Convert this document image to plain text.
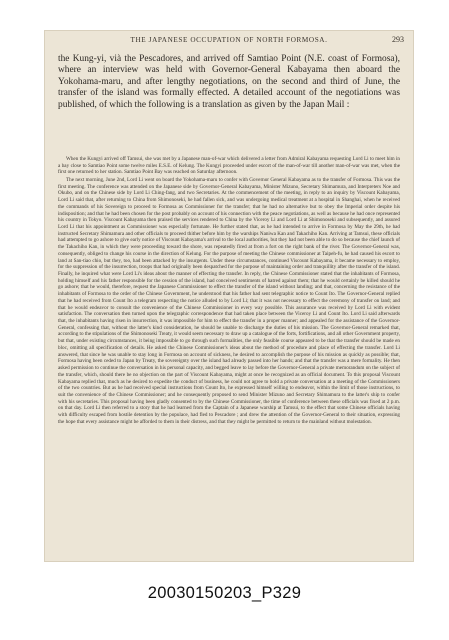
THE JAPANESE OCCUPATION OF NORTH FORMOSA.	293

the Kung-yi, vià the Pescadores, and arrived off Samtiao Point (N.E. coast of Formosa), where an interview was held with Governor-General Kabayama then aboard the Yokohama-maru, and after lengthy negotiations, on the second and third of June, the transfer of the island was formally effected. A detailed account of the negotiations was published, of which the following is a translation as given by the Japan Mail :

When the Kungyi arrived off Tamsui, she was met by a Japanese man-of-war which delivered a letter from Admiral Kabayama requesting Lord Li to meet him in a bay close to Samtiao Point some twelve miles E.S.E. of Kelung. The Kungyi proceeded under escort of the man-of-war till another man-of-war was met, when the first one returned to her station. Samtiao Point Bay was reached on Saturday afternoon.

The next morning, June 2nd, Lord Li went on board the Yokohama-maru to confer with Governor General Kabayama as to the transfer of Formosa. This was the first meeting. The conference was attended on the Japanese side by Governor-General Kabayama, Minister Mizuno, Secretary Shimamura, and Interpreters Noe and Okubo, and on the Chinese side by Lord Li Ching-fang, and two Secretaries. At the commencement of the meeting, in reply to an inquiry by Viscount Kabayama, Lord Li said that, after returning to China from Shimonoseki, he had fallen sick, and was undergoing medical treatment at a hospital in Shanghai, when he received the commands of his Sovereign to proceed to Formosa as Commissioner for the transfer; that he had no alternative but to obey the Imperial order despite his indisposition; and that he had been chosen for the post probably on account of his connection with the peace negotiations, as well as because he had once represented his country in Tokyo. Viscount Kabayama then praised the services rendered to China by the Viceroy Li and Lord Li at Shimonoseki and subsequently, and assured Lord Li that his appointment as Commissioner was especially fortunate. He further stated that, as he had intended to arrive in Formosa by May the 29th, he had instructed Secretary Shimamura and other officials to proceed thither before him by the warships Naniwa Kan and Takachiho Kan. Arriving at Tamsui, these officials had attempted to go ashore to give early notice of Viscount Kabayama's arrival to the local authorities, but they had not been able to do so because the chief launch of the Takachiho Kan, in which they were proceeding toward the shore, was repeatedly fired at from a fort on the right bank of the river. The Governor-General was, consequently, obliged to change his course in the direction of Kelung. For the purpose of meeting the Chinese commissioner at Taipeh-fu, he had caused his escort to land at San-tiao chio, but they, too, had been attacked by the insurgents. Under these circumstances, continued Viscount Kabayama, it became necessary to employ, for the suppression of the insurrection, troops that had originally been despatched for the purpose of maintaining order and tranquillity after the transfer of the island. Finally, he inquired what were Lord Li's ideas about the manner of effecting the transfer. In reply, the Chinese Commissioner stated that the inhabitants of Formosa, holding himself and his father responsible for the cession of the island, had conceived sentiments of hatred against them; that he would certainly be killed should he go ashore; that he would, therefore, request the Japanese Commissioner to effect the transfer of the island without landing; and that, concerning the resistance of the inhabitants of Formosa to the order of the Chinese Government, he understood that his father had sent telegraphic notice to Count Ito. The Governor-General replied that he had received from Count Ito a telegram respecting the notice alluded to by Lord Li; that it was not necessary to effect the ceremony of transfer on land; and that he would endeavor to consult the convenience of the Chinese Commissioner in every way possible. This assurance was received by Lord Li with evident satisfaction. The conversation then turned upon the telegraphic correspondence that had taken place between the Viceroy Li and Count Ito. Lord Li said afterwards that, the inhabitants having risen in insurrection, it was impossible for him to effect the transfer in a proper manner; and appealed for the assistance of the Governor-General, confessing that, without the latter's kind consideration, he should be unable to discharge the duties of his mission. The Governor-General remarked that, according to the stipulations of the Shimonoseki Treaty, it would seem necessary to draw up a catalogue of the forts, fortifications, and all other Government property, but that, under existing circumstances, it being impossible to go through such formalities, the only feasible course appeared to be that the transfer should be made en bloc, omitting all specification of details. He asked the Chinese Commissioner's ideas about the method of procedure and place of effecting the transfer. Lord Li answered, that since he was unable to stay long in Formosa on account of sickness, he desired to accomplish the purpose of his mission as quickly as possible; that, Formosa having been ceded to Japan by Treaty, the sovereignty over the island had already passed into her hands; and that the transfer was a mere formality. He then asked permission to continue the conversation in his personal capacity, and begged leave to lay before the Governor-General a private memorandum on the subject of the transfer, which, should there be no objection on the part of Viscount Kabayama, might at once be recognized as an official document. To this proposal Viscount Kabayama replied that, much as he desired to expedite the conduct of business, he could not agree to hold a private conversation at a meeting of the Commissioners of the two countries. But as he had received special instructions from Count Ito, he expressed himself willing to endeavor, within the limit of those instructions, to suit the convenience of the Chinese Commissioner; and he consequently proposed to send Minister Mizuno and Secretary Shimamura to the latter's ship to confer with his secretaries. This proposal having been gladly consented to by the Chinese Commissioner, the time of conference between these officials was fixed at 2 p.m. on that day. Lord Li then referred to a story that he had learned from the Captain of a Japanese warship at Tamsui, to the effect that some Chinese officials having with difficulty escaped from hostile detention by the populace, had fled to Pescadore ; and drew the attention of the Governor-General to their situation, expressing the hope that every assistance might be afforded to them in their distress, and that they might be permitted to return to the mainland without molestation.

20030150203_P329
